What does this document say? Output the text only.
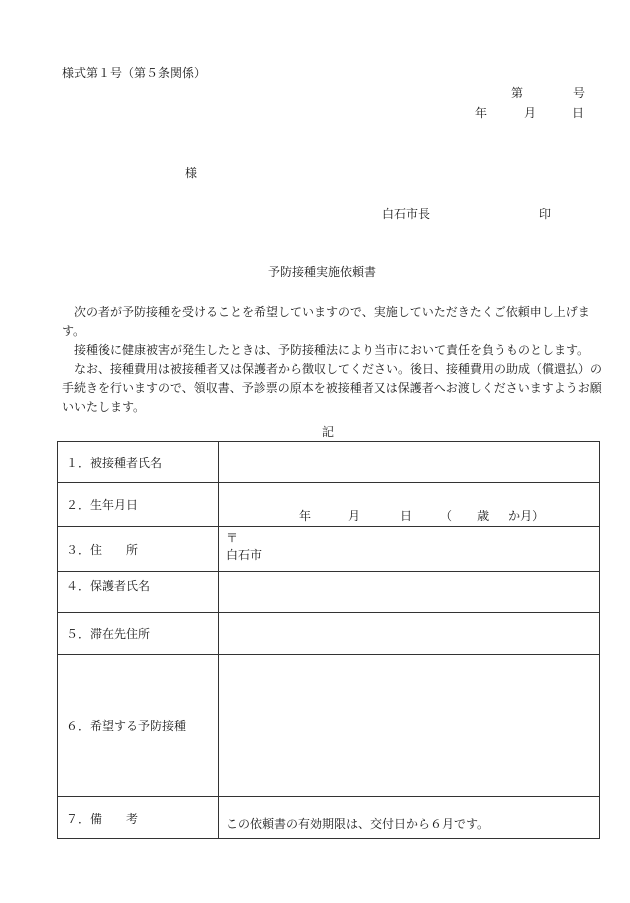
様式第１号（第５条関係）
第	号
年	月	日
様
白石市長	印
予防接種実施依頼書

次の者が予防接種を受けることを希望していますので、実施していただきたくご依頼申し上げます。

接種後に健康被害が発生したときは、予防接種法により当市において責任を負うものとします。

なお、接種費用は被接種者又は保護者から徴収してください。後日、接種費用の助成（償還払）の手続きを行いますので、領収書、予診票の原本を被接種者又は保護者へお渡しくださいますようお願いいたします。

記
１．被接種者氏名	
２．生年月日	年 月 日 （ 歳 か月）
３．住　　所	〒
白石市

４．保護者氏名	
５．滞在先住所	
６．希望する予防接種	
７．備　　考	この依頼書の有効期限は、交付日から６月です。
